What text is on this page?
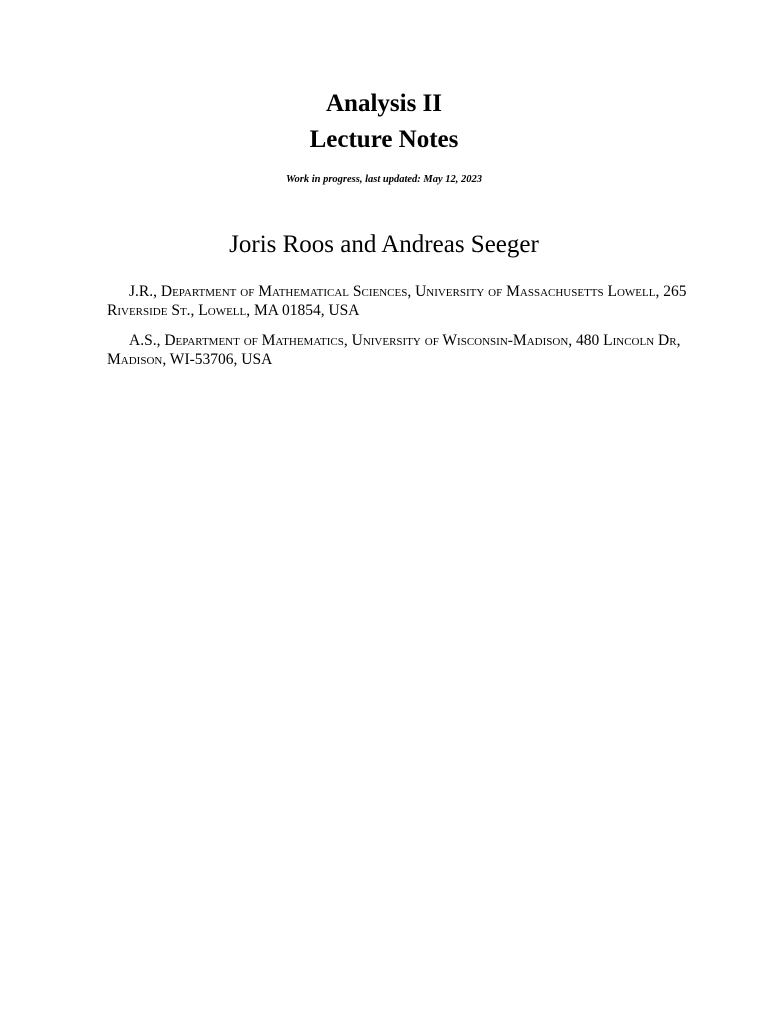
Analysis II

Lecture Notes

Work in progress, last updated: May 12, 2023
Joris Roos and Andreas Seeger

J.R., Department of Mathematical Sciences, University of Massachusetts Lowell, 265 Riverside St., Lowell, MA 01854, USA

A.S., Department of Mathematics, University of Wisconsin-Madison, 480 Lincoln Dr, Madison, WI-53706, USA
